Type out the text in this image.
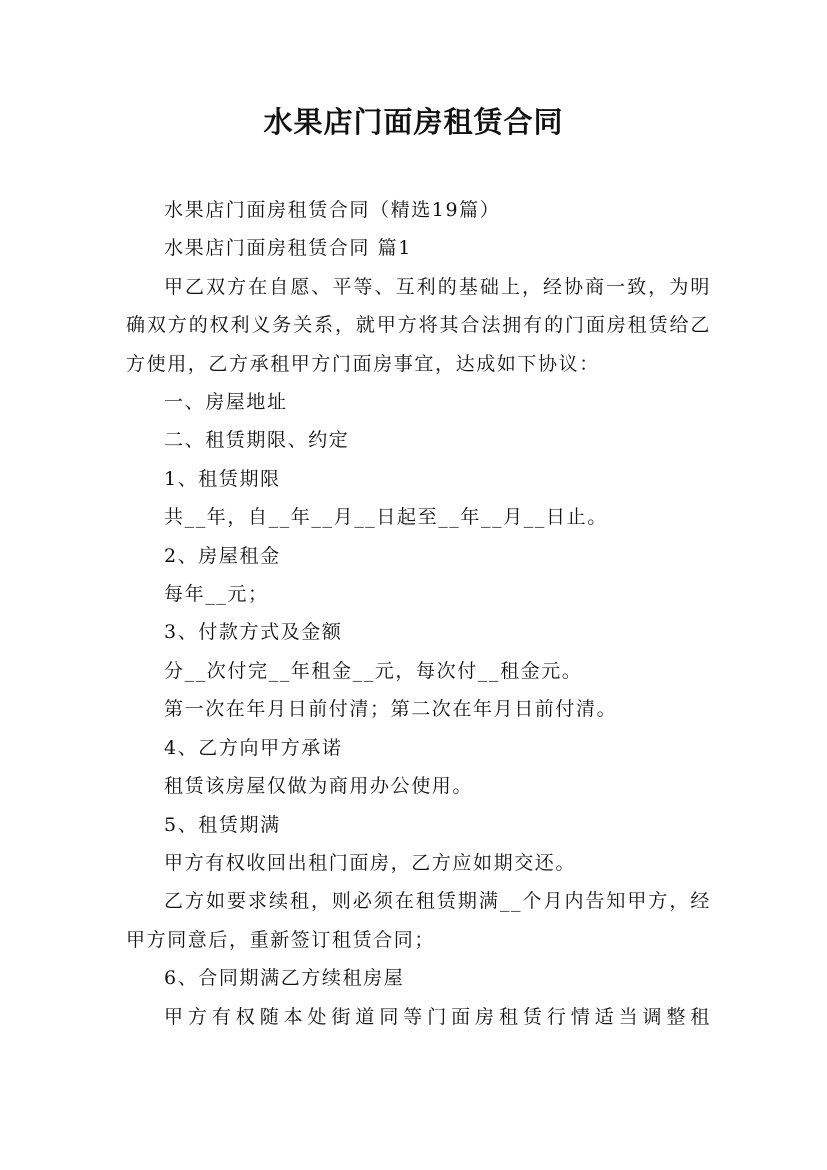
水果店门面房租赁合同

水果店门面房租赁合同（精选19篇）

水果店门面房租赁合同 篇1

甲乙双方在自愿、平等、互利的基础上，经协商一致，为明确双方的权利义务关系，就甲方将其合法拥有的门面房租赁给乙方使用，乙方承租甲方门面房事宜，达成如下协议：

一、房屋地址

二、租赁期限、约定

1、租赁期限

共__年，自__年__月__日起至__年__月__日止。

2、房屋租金

每年__元；

3、付款方式及金额

分__次付完__年租金__元，每次付__租金元。

第一次在年月日前付清；第二次在年月日前付清。

4、乙方向甲方承诺

租赁该房屋仅做为商用办公使用。

5、租赁期满

甲方有权收回出租门面房，乙方应如期交还。

乙方如要求续租，则必须在租赁期满__个月内告知甲方，经甲方同意后，重新签订租赁合同；

6、合同期满乙方续租房屋

甲方有权随本处街道同等门面房租赁行情适当调整租
